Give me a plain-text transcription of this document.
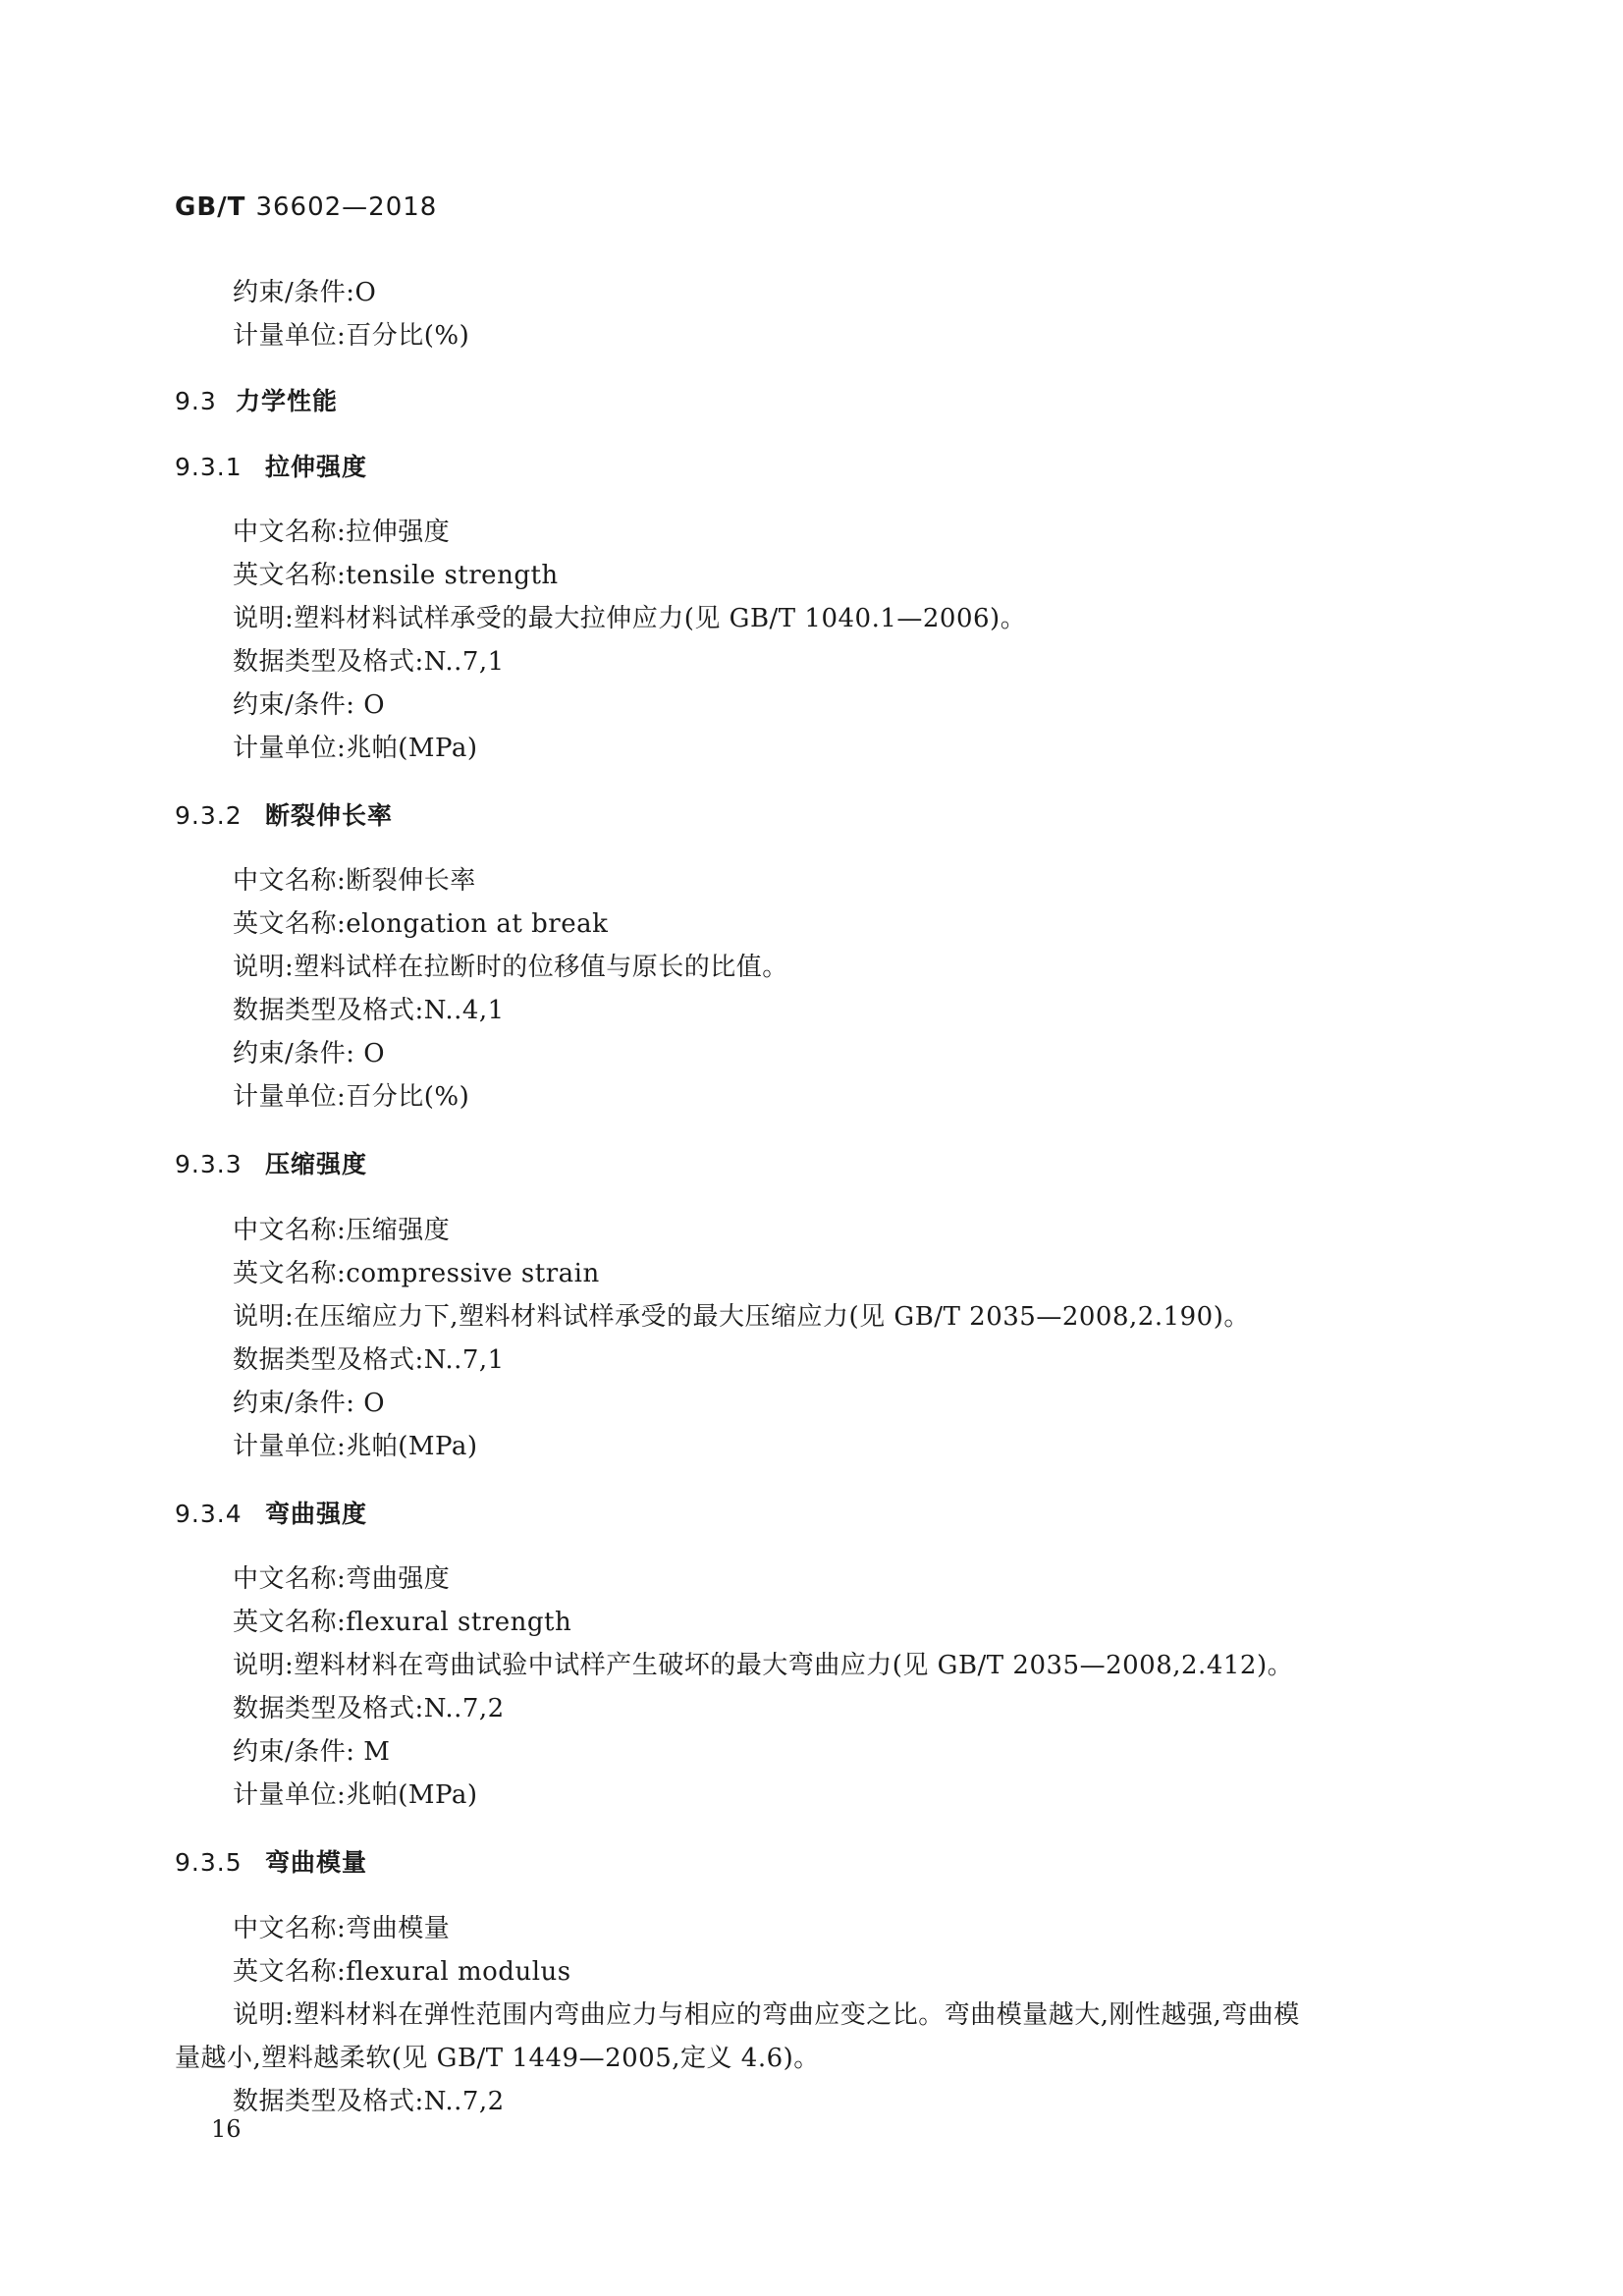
GB/T 36602—2018
约束/条件:O
计量单位:百分比(%)
9.3 力学性能
9.3.1 拉伸强度
中文名称:拉伸强度
英文名称:tensile strength
说明:塑料材料试样承受的最大拉伸应力(见 GB/T 1040.1—2006)。
数据类型及格式:N..7,1
约束/条件: O
计量单位:兆帕(MPa)
9.3.2 断裂伸长率
中文名称:断裂伸长率
英文名称:elongation at break
说明:塑料试样在拉断时的位移值与原长的比值。
数据类型及格式:N..4,1
约束/条件: O
计量单位:百分比(%)
9.3.3 压缩强度
中文名称:压缩强度
英文名称:compressive strain
说明:在压缩应力下,塑料材料试样承受的最大压缩应力(见 GB/T 2035—2008,2.190)。
数据类型及格式:N..7,1
约束/条件: O
计量单位:兆帕(MPa)
9.3.4 弯曲强度
中文名称:弯曲强度
英文名称:flexural strength
说明:塑料材料在弯曲试验中试样产生破坏的最大弯曲应力(见 GB/T 2035—2008,2.412)。
数据类型及格式:N..7,2
约束/条件: M
计量单位:兆帕(MPa)
9.3.5 弯曲模量
中文名称:弯曲模量
英文名称:flexural modulus
说明:塑料材料在弹性范围内弯曲应力与相应的弯曲应变之比。弯曲模量越大,刚性越强,弯曲模
量越小,塑料越柔软(见 GB/T 1449—2005,定义 4.6)。
数据类型及格式:N..7,2
16
